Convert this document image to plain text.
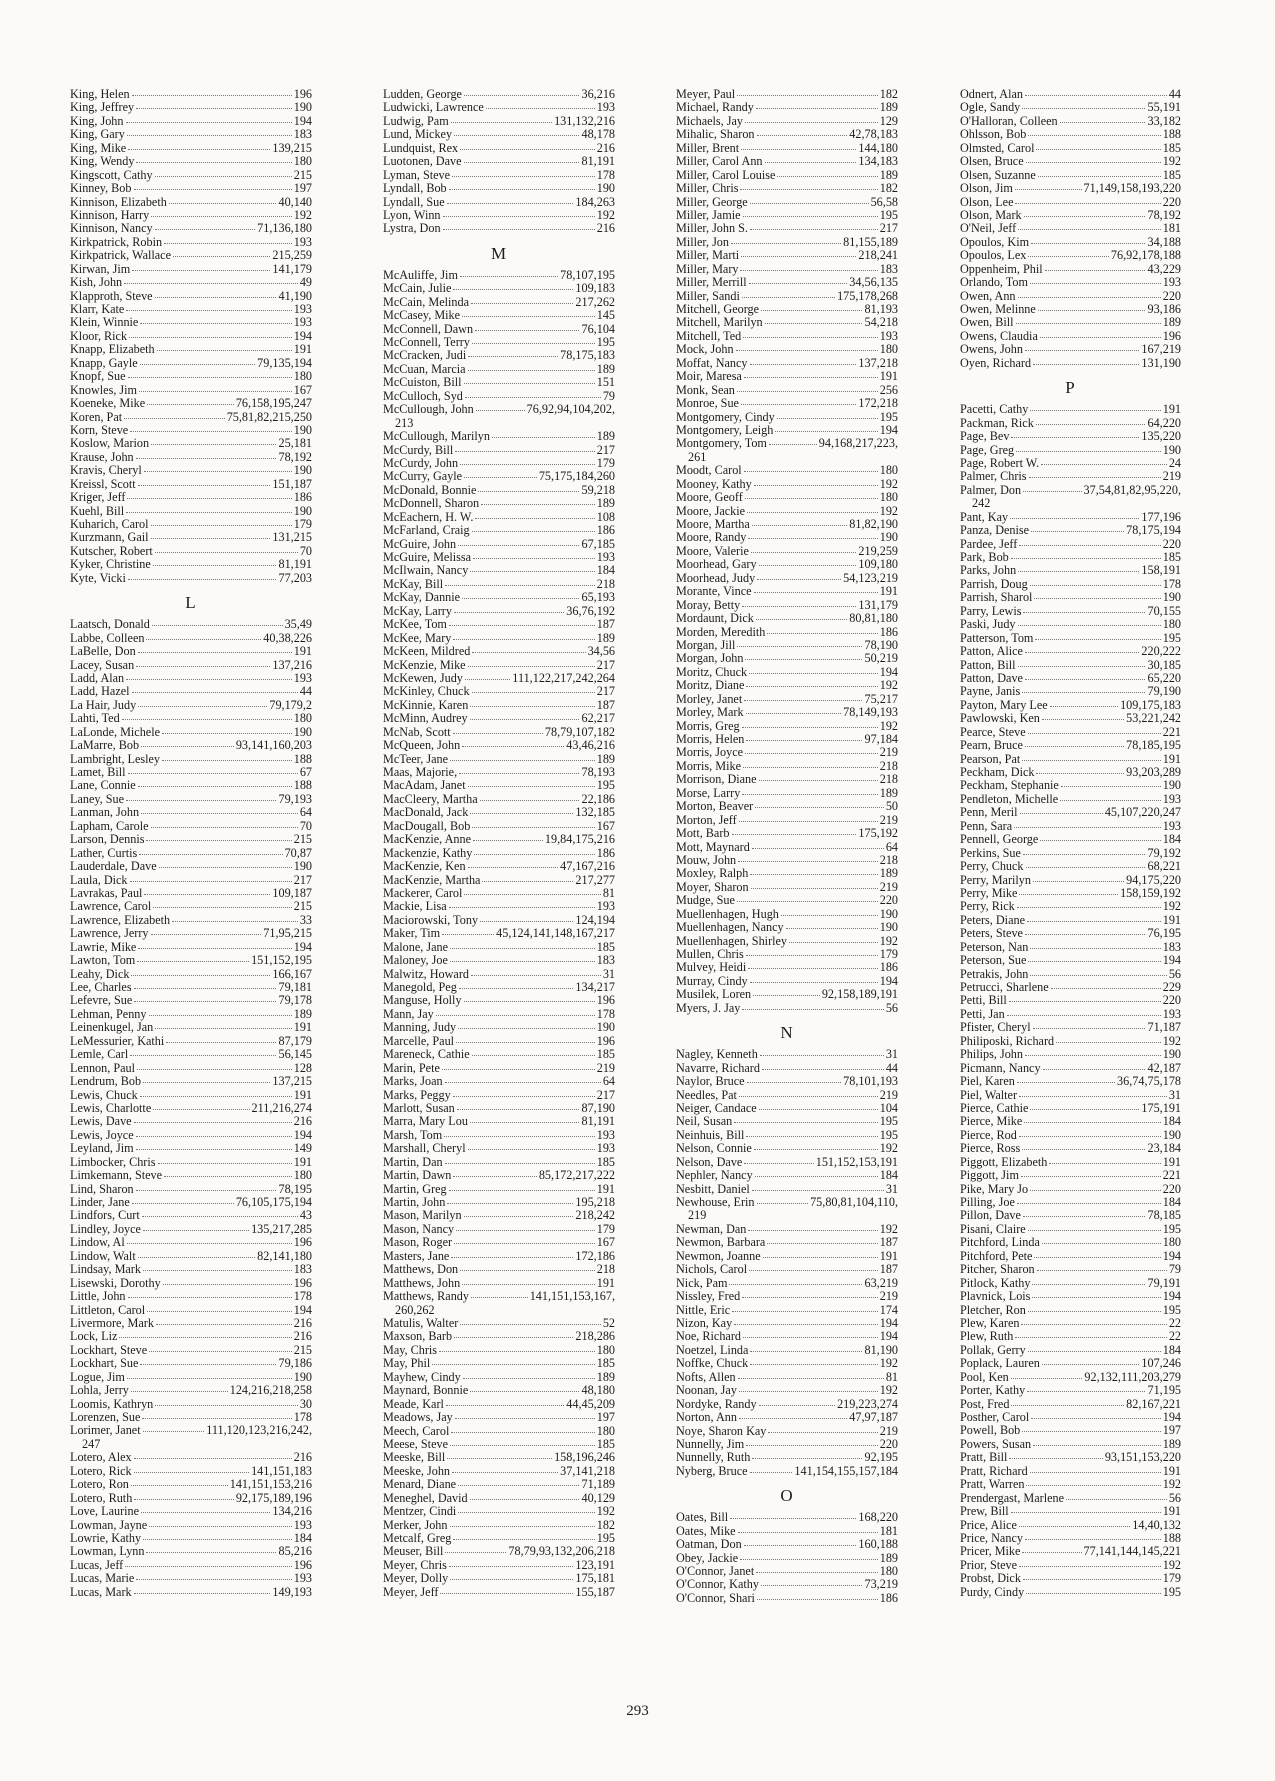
King, Helen	196
King, Jeffrey	190
King, John	194
King, Gary	183
King, Mike	139,215
King, Wendy	180
Kingscott, Cathy	215
Kinney, Bob	197
Kinnison, Elizabeth	40,140
Kinnison, Harry	192
Kinnison, Nancy	71,136,180
Kirkpatrick, Robin	193
Kirkpatrick, Wallace	215,259
Kirwan, Jim	141,179
Kish, John	49
Klapproth, Steve	41,190
Klarr, Kate	193
Klein, Winnie	193
Kloor, Rick	194
Knapp, Elizabeth	191
Knapp, Gayle	79,135,194
Knopf, Sue	180
Knowles, Jim	167
Koeneke, Mike	76,158,195,247
Koren, Pat	75,81,82,215,250
Korn, Steve	190
Koslow, Marion	25,181
Krause, John	78,192
Kravis, Cheryl	190
Kreissl, Scott	151,187
Kriger, Jeff	186
Kuehl, Bill	190
Kuharich, Carol	179
Kurzmann, Gail	131,215
Kutscher, Robert	70
Kyker, Christine	81,191
Kyte, Vicki	77,203
L
Laatsch, Donald	35,49
Labbe, Colleen	40,38,226
LaBelle, Don	191
Lacey, Susan	137,216
Ladd, Alan	193
Ladd, Hazel	44
La Hair, Judy	79,179,2
Lahti, Ted	180
LaLonde, Michele	190
LaMarre, Bob	93,141,160,203
Lambright, Lesley	188
Lamet, Bill	67
Lane, Connie	188
Laney, Sue	79,193
Lanman, John	64
Lapham, Carole	70
Larson, Dennis	215
Lather, Curtis	70,87
Lauderdale, Dave	190
Laula, Dick	217
Lavrakas, Paul	109,187
Lawrence, Carol	215
Lawrence, Elizabeth	33
Lawrence, Jerry	71,95,215
Lawrie, Mike	194
Lawton, Tom	151,152,195
Leahy, Dick	166,167
Lee, Charles	79,181
Lefevre, Sue	79,178
Lehman, Penny	189
Leinenkugel, Jan	191
LeMessurier, Kathi	87,179
Lemle, Carl	56,145
Lennon, Paul	128
Lendrum, Bob	137,215
Lewis, Chuck	191
Lewis, Charlotte	211,216,274
Lewis, Dave	216
Lewis, Joyce	194
Leyland, Jim	149
Limbocker, Chris	191
Limkemann, Steve	180
Lind, Sharon	78,195
Linder, Jane	76,105,175,194
Lindfors, Curt	43
Lindley, Joyce	135,217,285
Lindow, Al	196
Lindow, Walt	82,141,180
Lindsay, Mark	183
Lisewski, Dorothy	196
Little, John	178
Littleton, Carol	194
Livermore, Mark	216
Lock, Liz	216
Lockhart, Steve	215
Lockhart, Sue	79,186
Logue, Jim	190
Lohla, Jerry	124,216,218,258
Loomis, Kathryn	30
Lorenzen, Sue	178
Lorimer, Janet	111,120,123,216,242,
247
Lotero, Alex	216
Lotero, Rick	141,151,183
Lotero, Ron	141,151,153,216
Lotero, Ruth	92,175,189,196
Love, Laurine	134,216
Lowman, Jayne	193
Lowrie, Kathy	184
Lowman, Lynn	85,216
Lucas, Jeff	196
Lucas, Marie	193
Lucas, Mark	149,193
Ludden, George	36,216
Ludwicki, Lawrence	193
Ludwig, Pam	131,132,216
Lund, Mickey	48,178
Lundquist, Rex	216
Luotonen, Dave	81,191
Lyman, Steve	178
Lyndall, Bob	190
Lyndall, Sue	184,263
Lyon, Winn	192
Lystra, Don	216
M
McAuliffe, Jim	78,107,195
McCain, Julie	109,183
McCain, Melinda	217,262
McCasey, Mike	145
McConnell, Dawn	76,104
McConnell, Terry	195
McCracken, Judi	78,175,183
McCuan, Marcia	189
McCuiston, Bill	151
McCulloch, Syd	79
McCullough, John	76,92,94,104,202,
213
McCullough, Marilyn	189
McCurdy, Bill	217
McCurdy, John	179
McCurry, Gayle	75,175,184,260
McDonald, Bonnie	59,218
McDonnell, Sharon	189
McEachern, H. W.	108
McFarland, Craig	186
McGuire, John	67,185
McGuire, Melissa	193
McIlwain, Nancy	184
McKay, Bill	218
McKay, Dannie	65,193
McKay, Larry	36,76,192
McKee, Tom	187
McKee, Mary	189
McKeen, Mildred	34,56
McKenzie, Mike	217
McKewen, Judy	111,122,217,242,264
McKinley, Chuck	217
McKinnie, Karen	187
McMinn, Audrey	62,217
McNab, Scott	78,79,107,182
McQueen, John	43,46,216
McTeer, Jane	189
Maas, Majorie,	78,193
MacAdam, Janet	195
MacCleery, Martha	22,186
MacDonald, Jack	132,185
MacDougall, Bob	167
MacKenzie, Anne	19,84,175,216
Mackenzie, Kathy	186
MacKenzie, Ken	47,167,216
MacKenzie, Martha	217,277
Mackerer, Carol	81
Mackie, Lisa	193
Maciorowski, Tony	124,194
Maker, Tim	45,124,141,148,167,217
Malone, Jane	185
Maloney, Joe	183
Malwitz, Howard	31
Manegold, Peg	134,217
Manguse, Holly	196
Mann, Jay	178
Manning, Judy	190
Marcelle, Paul	196
Mareneck, Cathie	185
Marin, Pete	219
Marks, Joan	64
Marks, Peggy	217
Marlott, Susan	87,190
Marra, Mary Lou	81,191
Marsh, Tom	193
Marshall, Cheryl	193
Martin, Dan	185
Martin, Dawn	85,172,217,222
Martin, Greg	191
Martin, John	195,218
Mason, Marilyn	218,242
Mason, Nancy	179
Mason, Roger	167
Masters, Jane	172,186
Matthews, Don	218
Matthews, John	191
Matthews, Randy	141,151,153,167,
260,262
Matulis, Walter	52
Maxson, Barb	218,286
May, Chris	180
May, Phil	185
Mayhew, Cindy	189
Maynard, Bonnie	48,180
Meade, Karl	44,45,209
Meadows, Jay	197
Meech, Carol	180
Meese, Steve	185
Meeske, Bill	158,196,246
Meeske, John	37,141,218
Menard, Diane	71,189
Meneghel, David	40,129
Mentzer, Cindi	192
Merker, John	182
Metcalf, Greg	195
Meuser, Bill	78,79,93,132,206,218
Meyer, Chris	123,191
Meyer, Dolly	175,181
Meyer, Jeff	155,187
Meyer, Paul	182
Michael, Randy	189
Michaels, Jay	129
Mihalic, Sharon	42,78,183
Miller, Brent	144,180
Miller, Carol Ann	134,183
Miller, Carol Louise	189
Miller, Chris	182
Miller, George	56,58
Miller, Jamie	195
Miller, John S.	217
Miller, Jon	81,155,189
Miller, Marti	218,241
Miller, Mary	183
Miller, Merrill	34,56,135
Miller, Sandi	175,178,268
Mitchell, George	81,193
Mitchell, Marilyn	54,218
Mitchell, Ted	193
Mock, John	180
Moffat, Nancy	137,218
Moir, Maresa	191
Monk, Sean	256
Monroe, Sue	172,218
Montgomery, Cindy	195
Montgomery, Leigh	194
Montgomery, Tom	94,168,217,223,
261
Moodt, Carol	180
Mooney, Kathy	192
Moore, Geoff	180
Moore, Jackie	192
Moore, Martha	81,82,190
Moore, Randy	190
Moore, Valerie	219,259
Moorhead, Gary	109,180
Moorhead, Judy	54,123,219
Morante, Vince	191
Moray, Betty	131,179
Mordaunt, Dick	80,81,180
Morden, Meredith	186
Morgan, Jill	78,190
Morgan, John	50,219
Moritz, Chuck	194
Moritz, Diane	192
Morley, Janet	75,217
Morley, Mark	78,149,193
Morris, Greg	192
Morris, Helen	97,184
Morris, Joyce	219
Morris, Mike	218
Morrison, Diane	218
Morse, Larry	189
Morton, Beaver	50
Morton, Jeff	219
Mott, Barb	175,192
Mott, Maynard	64
Mouw, John	218
Moxley, Ralph	189
Moyer, Sharon	219
Mudge, Sue	220
Muellenhagen, Hugh	190
Muellenhagen, Nancy	190
Muellenhagen, Shirley	192
Mullen, Chris	179
Mulvey, Heidi	186
Murray, Cindy	194
Musilek, Loren	92,158,189,191
Myers, J. Jay	56
N
Nagley, Kenneth	31
Navarre, Richard	44
Naylor, Bruce	78,101,193
Needles, Pat	219
Neiger, Candace	104
Neil, Susan	195
Neinhuis, Bill	195
Nelson, Connie	192
Nelson, Dave	151,152,153,191
Nephler, Nancy	184
Nesbitt, Daniel	31
Newhouse, Erin	75,80,81,104,110,
219
Newman, Dan	192
Newmon, Barbara	187
Newmon, Joanne	191
Nichols, Carol	187
Nick, Pam	63,219
Nissley, Fred	219
Nittle, Eric	174
Nizon, Kay	194
Noe, Richard	194
Noetzel, Linda	81,190
Noffke, Chuck	192
Nofts, Allen	81
Noonan, Jay	192
Nordyke, Randy	219,223,274
Norton, Ann	47,97,187
Noye, Sharon Kay	219
Nunnelly, Jim	220
Nunnelly, Ruth	92,195
Nyberg, Bruce	141,154,155,157,184
O
Oates, Bill	168,220
Oates, Mike	181
Oatman, Don	160,188
Obey, Jackie	189
O'Connor, Janet	180
O'Connor, Kathy	73,219
O'Connor, Shari	186
Odnert, Alan	44
Ogle, Sandy	55,191
O'Halloran, Colleen	33,182
Ohlsson, Bob	188
Olmsted, Carol	185
Olsen, Bruce	192
Olsen, Suzanne	185
Olson, Jim	71,149,158,193,220
Olson, Lee	220
Olson, Mark	78,192
O'Neil, Jeff	181
Opoulos, Kim	34,188
Opoulos, Lex	76,92,178,188
Oppenheim, Phil	43,229
Orlando, Tom	193
Owen, Ann	220
Owen, Melinne	93,186
Owen, Bill	189
Owens, Claudia	196
Owens, John	167,219
Oyen, Richard	131,190
P
Pacetti, Cathy	191
Packman, Rick	64,220
Page, Bev	135,220
Page, Greg	190
Page, Robert W.	24
Palmer, Chris	219
Palmer, Don	37,54,81,82,95,220,
242
Pant, Kay	177,196
Panza, Denise	78,175,194
Pardee, Jeff	220
Park, Bob	185
Parks, John	158,191
Parrish, Doug	178
Parrish, Sharol	190
Parry, Lewis	70,155
Paski, Judy	180
Patterson, Tom	195
Patton, Alice	220,222
Patton, Bill	30,185
Patton, Dave	65,220
Payne, Janis	79,190
Payton, Mary Lee	109,175,183
Pawlowski, Ken	53,221,242
Pearce, Steve	221
Pearn, Bruce	78,185,195
Pearson, Pat	191
Peckham, Dick	93,203,289
Peckham, Stephanie	190
Pendleton, Michelle	193
Penn, Meril	45,107,220,247
Penn, Sara	193
Pennell, George	184
Perkins, Sue	79,192
Perry, Chuck	68,221
Perry, Marilyn	94,175,220
Perry, Mike	158,159,192
Perry, Rick	192
Peters, Diane	191
Peters, Steve	76,195
Peterson, Nan	183
Peterson, Sue	194
Petrakis, John	56
Petrucci, Sharlene	229
Petti, Bill	220
Petti, Jan	193
Pfister, Cheryl	71,187
Philiposki, Richard	192
Philips, John	190
Picmann, Nancy	42,187
Piel, Karen	36,74,75,178
Piel, Walter	31
Pierce, Cathie	175,191
Pierce, Mike	184
Pierce, Rod	190
Pierce, Ross	23,184
Piggott, Elizabeth	191
Piggott, Jim	221
Pike, Mary Jo	220
Pilling, Joe	184
Pillon, Dave	78,185
Pisani, Claire	195
Pitchford, Linda	180
Pitchford, Pete	194
Pitcher, Sharon	79
Pitlock, Kathy	79,191
Plavnick, Lois	194
Pletcher, Ron	195
Plew, Karen	22
Plew, Ruth	22
Pollak, Gerry	184
Poplack, Lauren	107,246
Pool, Ken	92,132,111,203,279
Porter, Kathy	71,195
Post, Fred	82,167,221
Posther, Carol	194
Powell, Bob	197
Powers, Susan	189
Pratt, Bill	93,151,153,220
Pratt, Richard	191
Pratt, Warren	192
Prendergast, Marlene	56
Prew, Bill	191
Price, Alice	14,40,132
Price, Nancy	188
Pricer, Mike	77,141,144,145,221
Prior, Steve	192
Probst, Dick	179
Purdy, Cindy	195
293
